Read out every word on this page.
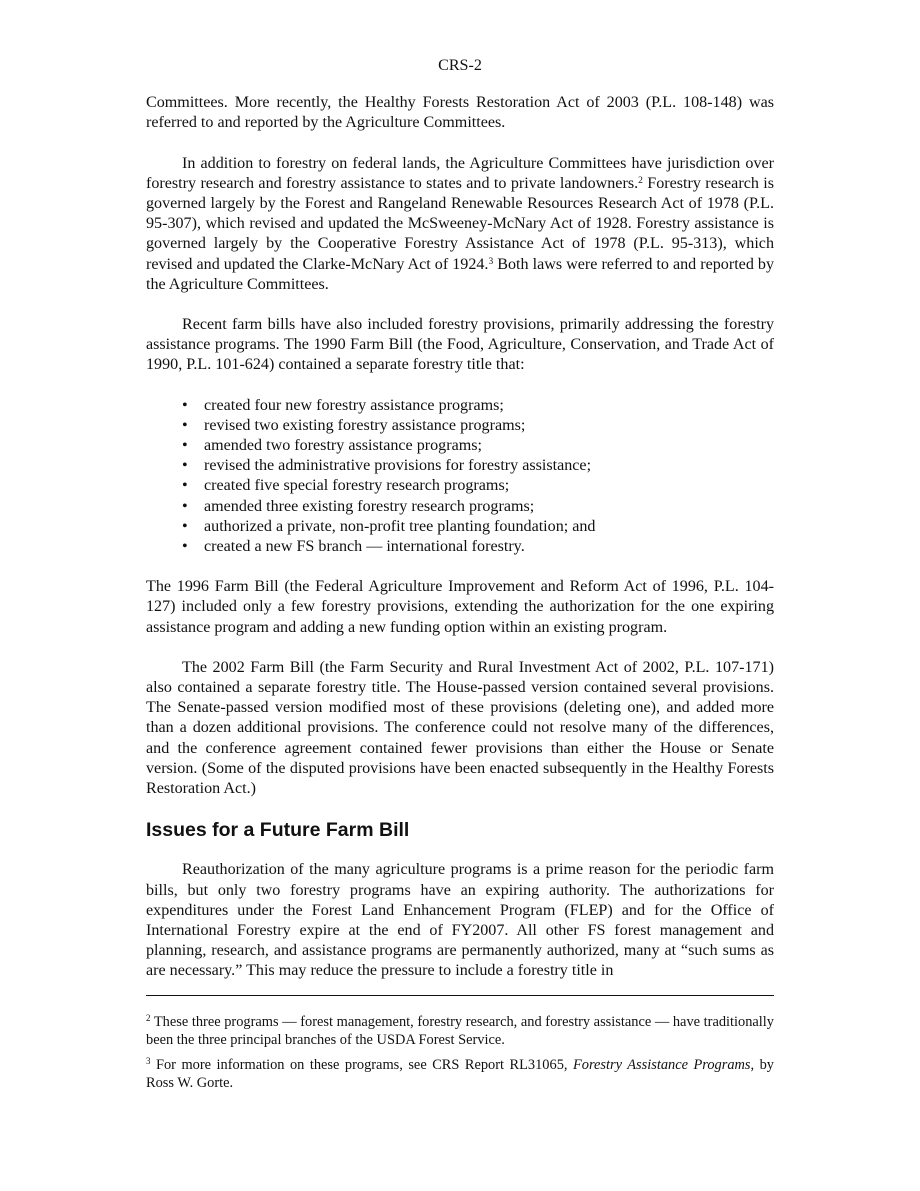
CRS-2

Committees. More recently, the Healthy Forests Restoration Act of 2003 (P.L. 108-148) was referred to and reported by the Agriculture Committees.

In addition to forestry on federal lands, the Agriculture Committees have jurisdiction over forestry research and forestry assistance to states and to private landowners.$^2$ Forestry research is governed largely by the Forest and Rangeland Renewable Resources Research Act of 1978 (P.L. 95-307), which revised and updated the McSweeney-McNary Act of 1928. Forestry assistance is governed largely by the Cooperative Forestry Assistance Act of 1978 (P.L. 95-313), which revised and updated the Clarke-McNary Act of 1924.$^3$ Both laws were referred to and reported by the Agriculture Committees.

Recent farm bills have also included forestry provisions, primarily addressing the forestry assistance programs. The 1990 Farm Bill (the Food, Agriculture, Conservation, and Trade Act of 1990, P.L. 101-624) contained a separate forestry title that:

• created four new forestry assistance programs;
• revised two existing forestry assistance programs;
• amended two forestry assistance programs;
• revised the administrative provisions for forestry assistance;
• created five special forestry research programs;
• amended three existing forestry research programs;
• authorized a private, non-profit tree planting foundation; and
• created a new FS branch — international forestry.

The 1996 Farm Bill (the Federal Agriculture Improvement and Reform Act of 1996, P.L. 104-127) included only a few forestry provisions, extending the authorization for the one expiring assistance program and adding a new funding option within an existing program.

The 2002 Farm Bill (the Farm Security and Rural Investment Act of 2002, P.L. 107-171) also contained a separate forestry title. The House-passed version contained several provisions. The Senate-passed version modified most of these provisions (deleting one), and added more than a dozen additional provisions. The conference could not resolve many of the differences, and the conference agreement contained fewer provisions than either the House or Senate version. (Some of the disputed provisions have been enacted subsequently in the Healthy Forests Restoration Act.)

Issues for a Future Farm Bill

Reauthorization of the many agriculture programs is a prime reason for the periodic farm bills, but only two forestry programs have an expiring authority. The authorizations for expenditures under the Forest Land Enhancement Program (FLEP) and for the Office of International Forestry expire at the end of FY2007. All other FS forest management and planning, research, and assistance programs are permanently authorized, many at “such sums as are necessary.” This may reduce the pressure to include a forestry title in

$^2$ These three programs — forest management, forestry research, and forestry assistance — have traditionally been the three principal branches of the USDA Forest Service.

$^3$ For more information on these programs, see CRS Report RL31065, Forestry Assistance Programs, by Ross W. Gorte.
